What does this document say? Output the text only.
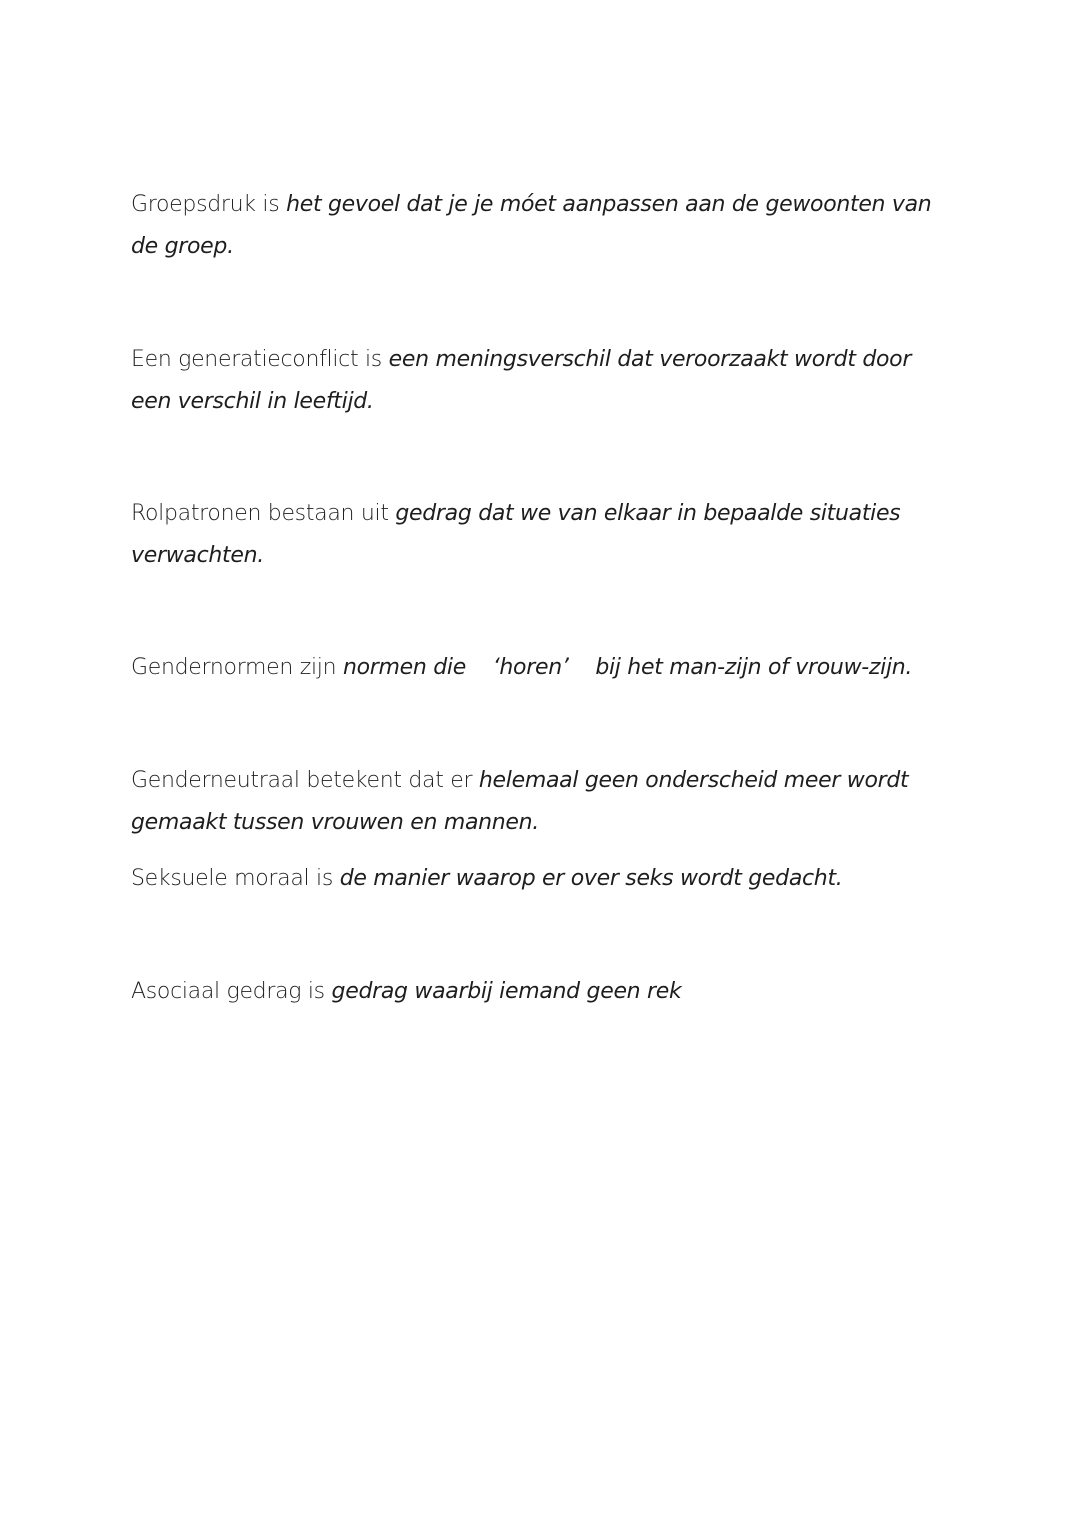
Groepsdruk is het gevoel dat je je móet aanpassen aan de gewoonten van de groep.

Een generatieconflict is een meningsverschil dat veroorzaakt wordt door een verschil in leeftijd.

Rolpatronen bestaan uit gedrag dat we van elkaar in bepaalde situaties verwachten.

Gendernormen zijn normen die ‘horen’ bij het man-zijn of vrouw-zijn.

Genderneutraal betekent dat er helemaal geen onderscheid meer wordt gemaakt tussen vrouwen en mannen.

Seksuele moraal is de manier waarop er over seks wordt gedacht.

Asociaal gedrag is gedrag waarbij iemand geen rek
